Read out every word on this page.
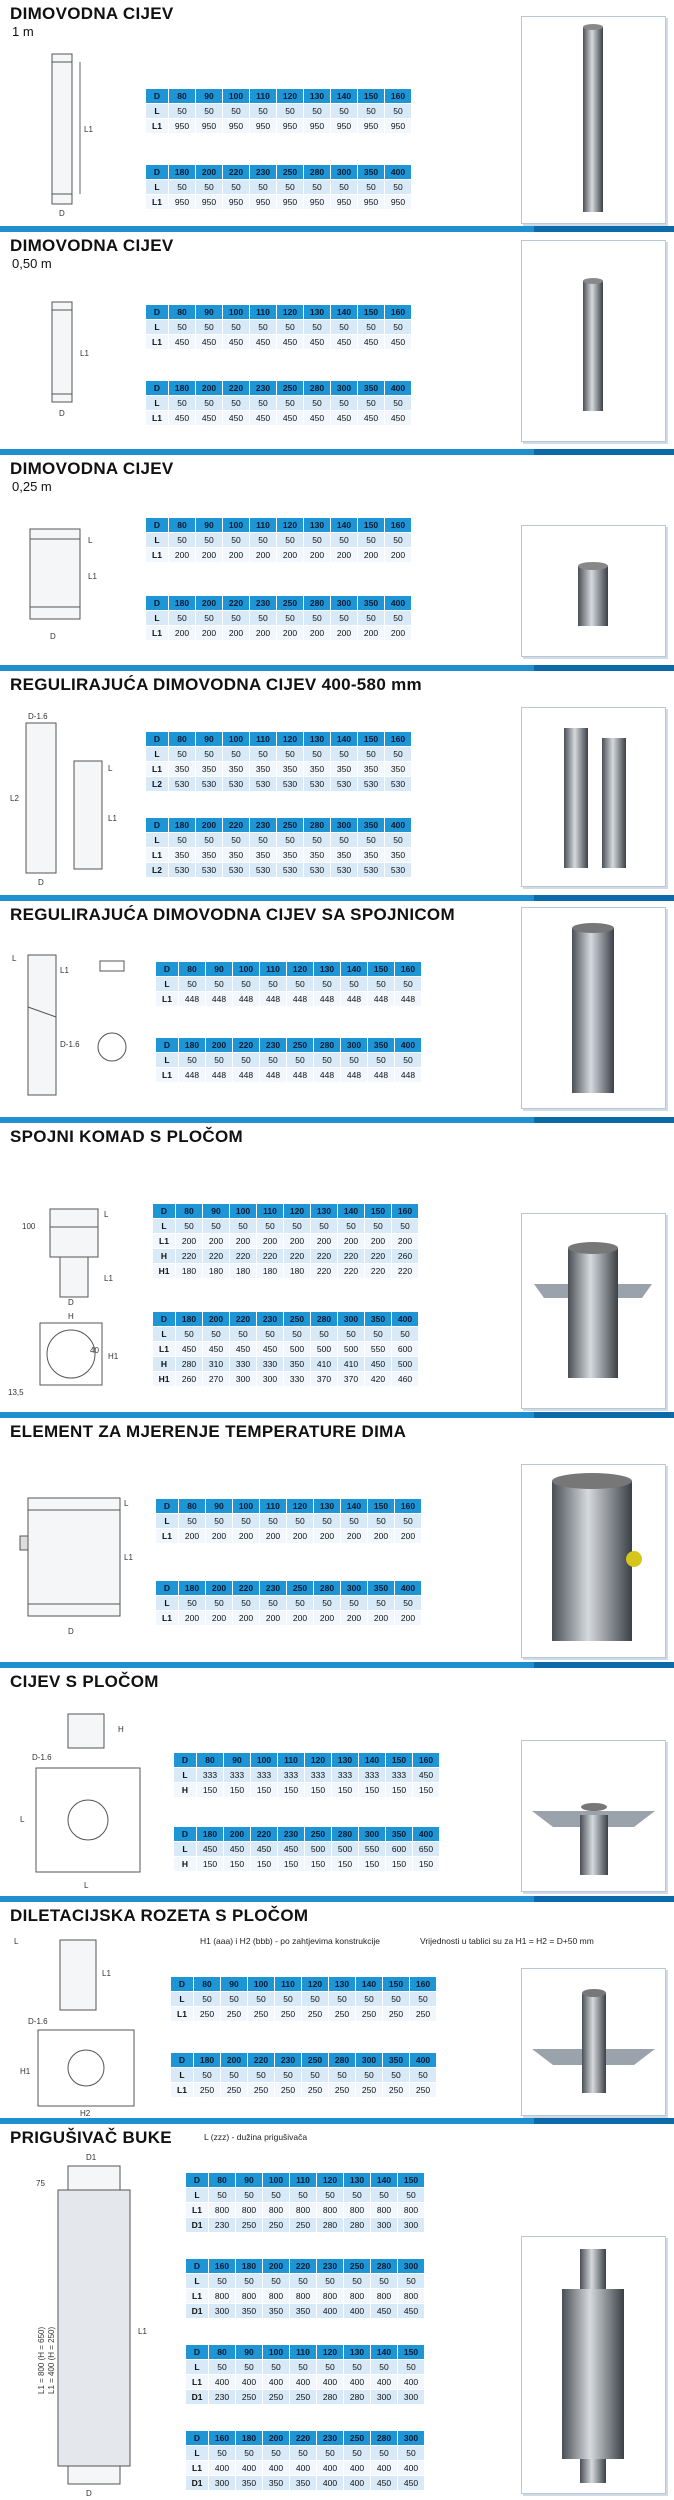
DIMOVODNA CIJEV
1 m
L1
D
D	80	90	100	110	120	130	140	150	160
L	50	50	50	50	50	50	50	50	50
L1	950	950	950	950	950	950	950	950	950
D	180	200	220	230	250	280	300	350	400
L	50	50	50	50	50	50	50	50	50
L1	950	950	950	950	950	950	950	950	950
DIMOVODNA CIJEV
0,50 m
L1
D
D	80	90	100	110	120	130	140	150	160
L	50	50	50	50	50	50	50	50	50
L1	450	450	450	450	450	450	450	450	450
D	180	200	220	230	250	280	300	350	400
L	50	50	50	50	50	50	50	50	50
L1	450	450	450	450	450	450	450	450	450
DIMOVODNA CIJEV
0,25 m
L
L1
D
D	80	90	100	110	120	130	140	150	160
L	50	50	50	50	50	50	50	50	50
L1	200	200	200	200	200	200	200	200	200
D	180	200	220	230	250	280	300	350	400
L	50	50	50	50	50	50	50	50	50
L1	200	200	200	200	200	200	200	200	200
REGULIRAJUĆA DIMOVODNA CIJEV 400-580 mm
D-1.6
L2
L
L1
D
D	80	90	100	110	120	130	140	150	160
L	50	50	50	50	50	50	50	50	50
L1	350	350	350	350	350	350	350	350	350
L2	530	530	530	530	530	530	530	530	530
D	180	200	220	230	250	280	300	350	400
L	50	50	50	50	50	50	50	50	50
L1	350	350	350	350	350	350	350	350	350
L2	530	530	530	530	530	530	530	530	530
REGULIRAJUĆA DIMOVODNA CIJEV SA SPOJNICOM
L
D-1.6
L1	D	80	90	100	110	120	130	140	150	160
L	50	50	50	50	50	50	50	50	50
L1	448	448	448	448	448	448	448	448	448
D	180	200	220	230	250	280	300	350	400
L	50	50	50	50	50	50	50	50	50
L1	448	448	448	448	448	448	448	448	448
SPOJNI KOMAD S PLOČOM
100
L
L1
H
H1
40
13,5
D
D	80	90	100	110	120	130	140	150	160
L	50	50	50	50	50	50	50	50	50
L1	200	200	200	200	200	200	200	200	200
H	220	220	220	220	220	220	220	220	260
H1	180	180	180	180	180	220	220	220	220
D	180	200	220	230	250	280	300	350	400
L	50	50	50	50	50	50	50	50	50
L1	450	450	450	450	500	500	500	550	600
H	280	310	330	330	350	410	410	450	500
H1	260	270	300	300	330	370	370	420	460
ELEMENT ZA MJERENJE TEMPERATURE DIMA
L
L1
D
D	80	90	100	110	120	130	140	150	160
L	50	50	50	50	50	50	50	50	50
L1	200	200	200	200	200	200	200	200	200
D	180	200	220	230	250	280	300	350	400
L	50	50	50	50	50	50	50	50	50
L1	200	200	200	200	200	200	200	200	200
CIJEV S PLOČOM
H
D-1.6
L
L
D	80	90	100	110	120	130	140	150	160
L	333	333	333	333	333	333	333	333	450
H	150	150	150	150	150	150	150	150	150
D	180	200	220	230	250	280	300	350	400
L	450	450	450	450	500	500	550	600	650
H	150	150	150	150	150	150	150	150	150
DILETACIJSKA ROZETA S PLOČOM
H1 (aaa) i H2 (bbb) - po zahtjevima konstrukcije	Vrijednosti u tablici su za H1 = H2 = D+50 mm
L
L1
D-1.6
H1
H2
D	80	90	100	110	120	130	140	150	160
L	50	50	50	50	50	50	50	50	50
L1	250	250	250	250	250	250	250	250	250
D	180	200	220	230	250	280	300	350	400
L	50	50	50	50	50	50	50	50	50
L1	250	250	250	250	250	250	250	250	250
PRIGUŠIVAČ BUKE	L (zzz) - dužina prigušivača
D1
75
L1
D
L1 = 800 (H = 650) L1 = 400 (H = 250)
D	80	90	100	110	120	130	140	150
L	50	50	50	50	50	50	50	50
L1	800	800	800	800	800	800	800	800
D1	230	250	250	250	280	280	300	300
D	160	180	200	220	230	250	280	300
L	50	50	50	50	50	50	50	50
L1	800	800	800	800	800	800	800	800
D1	300	350	350	350	400	400	450	450
D	80	90	100	110	120	130	140	150
L	50	50	50	50	50	50	50	50
L1	400	400	400	400	400	400	400	400
D1	230	250	250	250	280	280	300	300
D	160	180	200	220	230	250	280	300
L	50	50	50	50	50	50	50	50
L1	400	400	400	400	400	400	400	400
D1	300	350	350	350	400	400	450	450
